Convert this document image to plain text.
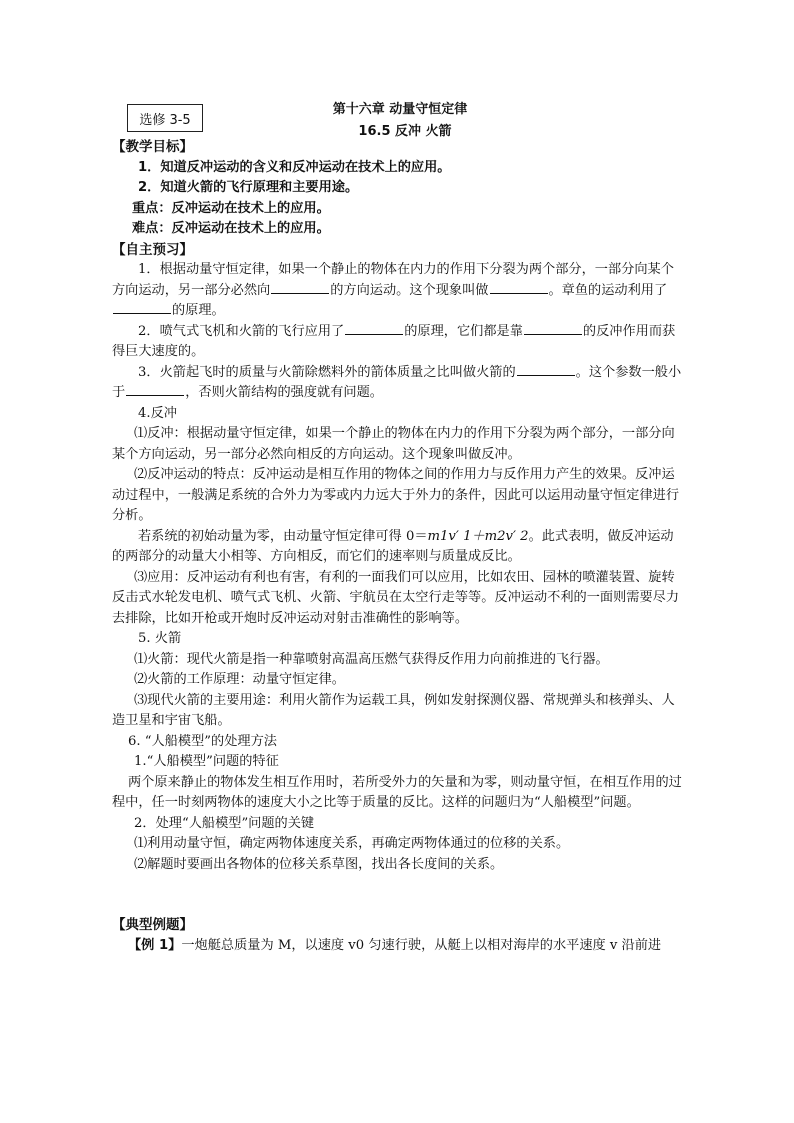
选修 3-5
第十六章 动量守恒定律
16.5 反冲 火箭

【教学目标】

1．知道反冲运动的含义和反冲运动在技术上的应用。

2．知道火箭的飞行原理和主要用途。

重点：反冲运动在技术上的应用。

难点：反冲运动在技术上的应用。

【自主预习】

1．根据动量守恒定律，如果一个静止的物体在内力的作用下分裂为两个部分，一部分向某个方向运动，另一部分必然向	的方向运动。这个现象叫做	。章鱼的运动利用了的原理。

2．喷气式飞机和火箭的飞行应用了	的原理，它们都是靠	的反冲作用而获得巨大速度的。

3．火箭起飞时的质量与火箭除燃料外的箭体质量之比叫做火箭的	。这个参数一般小于	，否则火箭结构的强度就有问题。

4.反冲

⑴反冲：根据动量守恒定律，如果一个静止的物体在内力的作用下分裂为两个部分，一部分向某个方向运动，另一部分必然向相反的方向运动。这个现象叫做反冲。

⑵反冲运动的特点：反冲运动是相互作用的物体之间的作用力与反作用力产生的效果。反冲运动过程中，一般满足系统的合外力为零或内力远大于外力的条件，因此可以运用动量守恒定律进行分析。

若系统的初始动量为零，由动量守恒定律可得 0＝m1v′ 1＋m2v′ 2。此式表明，做反冲运动的两部分的动量大小相等、方向相反，而它们的速率则与质量成反比。

⑶应用：反冲运动有利也有害，有利的一面我们可以应用，比如农田、园林的喷灌装置、旋转反击式水轮发电机、喷气式飞机、火箭、宇航员在太空行走等等。反冲运动不利的一面则需要尽力去排除，比如开枪或开炮时反冲运动对射击准确性的影响等。

5. 火箭

⑴火箭：现代火箭是指一种靠喷射高温高压燃气获得反作用力向前推进的飞行器。

⑵火箭的工作原理：动量守恒定律。

⑶现代火箭的主要用途：利用火箭作为运载工具，例如发射探测仪器、常规弹头和核弹头、人造卫星和宇宙飞船。

6. “人船模型”的处理方法

1.“人船模型”问题的特征

两个原来静止的物体发生相互作用时，若所受外力的矢量和为零，则动量守恒，在相互作用的过程中，任一时刻两物体的速度大小之比等于质量的反比。这样的问题归为“人船模型”问题。

2．处理“人船模型”问题的关键

⑴利用动量守恒，确定两物体速度关系，再确定两物体通过的位移的关系。

⑵解题时要画出各物体的位移关系草图，找出各长度间的关系。

【典型例题】

【例 1】一炮艇总质量为 M，以速度 v0 匀速行驶，从艇上以相对海岸的水平速度 v 沿前进
